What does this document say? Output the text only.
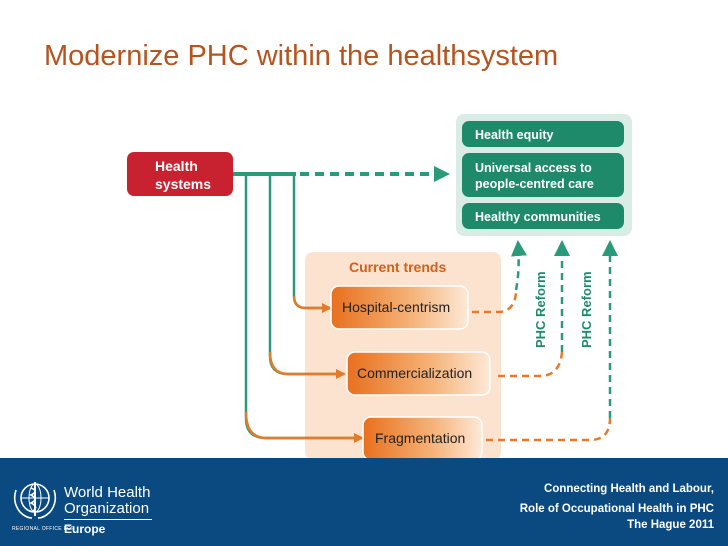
Modernize PHC within the healthsystem
Health equity
Universal access to people-centred care
Healthy communities
Health systems
Current trends
Hospital-centrism
Commercialization
Fragmentation
PHC Reform PHC Reform
World Health
Organization
Europe
REGIONAL OFFICE FOR
Connecting Health and Labour,
Role of Occupational Health in PHC
The Hague 2011
